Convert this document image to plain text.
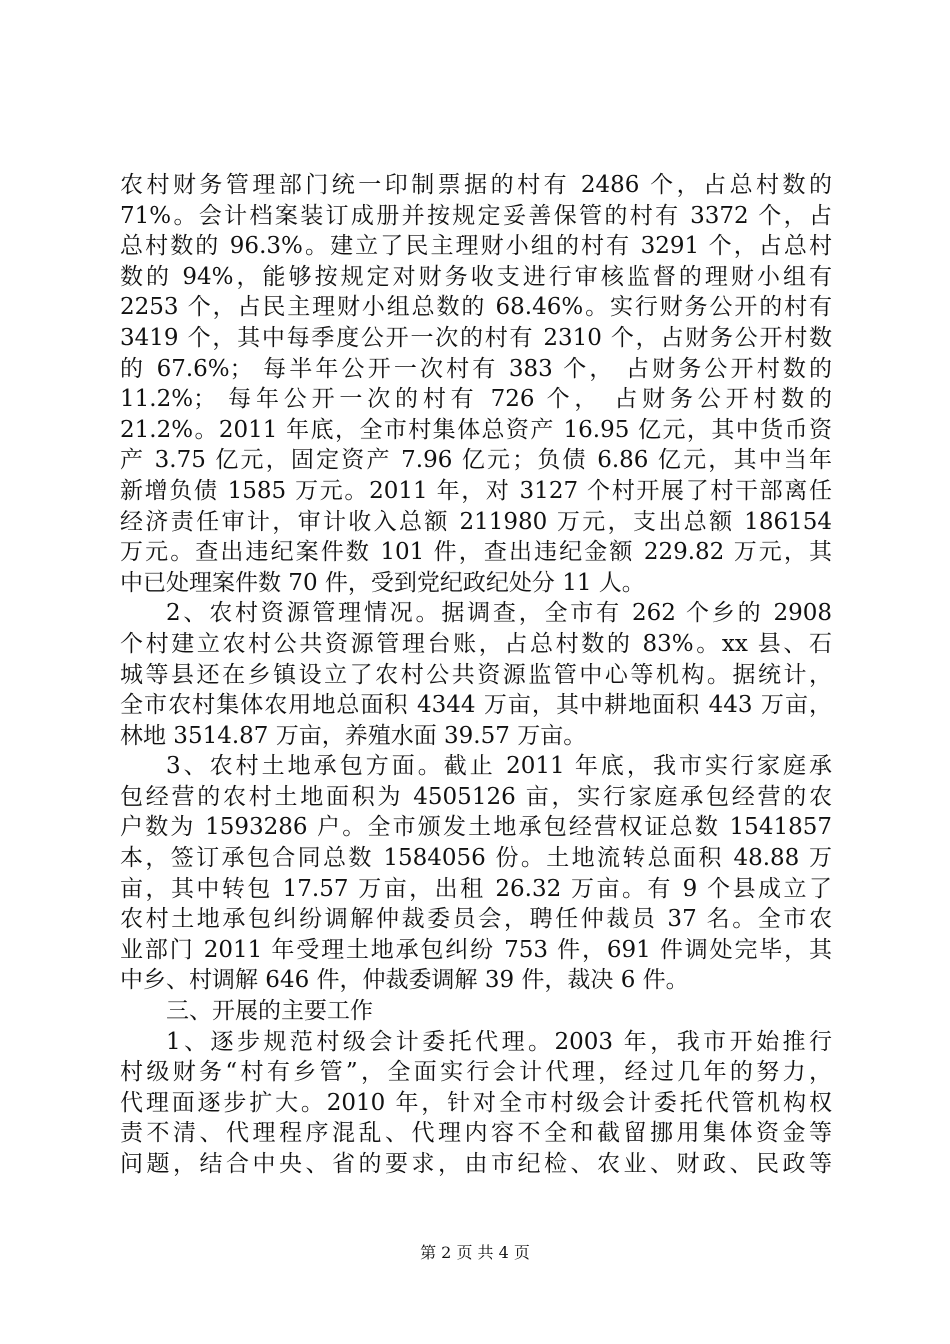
农村财务管理部门统一印制票据的村有 2486 个，占总村数的
71%。会计档案装订成册并按规定妥善保管的村有 3372 个，占
总村数的 96.3%。建立了民主理财小组的村有 3291 个，占总村
数的 94%，能够按规定对财务收支进行审核监督的理财小组有
2253 个，占民主理财小组总数的 68.46%。实行财务公开的村有
3419 个，其中每季度公开一次的村有 2310 个，占财务公开村数
的 67.6%； 每半年公开一次村有 383 个， 占财务公开村数的
11.2%； 每年公开一次的村有 726 个， 占财务公开村数的
21.2%。2011 年底，全市村集体总资产 16.95 亿元，其中货币资
产 3.75 亿元，固定资产 7.96 亿元；负债 6.86 亿元，其中当年
新增负债 1585 万元。2011 年，对 3127 个村开展了村干部离任
经济责任审计，审计收入总额 211980 万元，支出总额 186154
万元。查出违纪案件数 101 件，查出违纪金额 229.82 万元，其
中已处理案件数 70 件，受到党纪政纪处分 11 人。
2、农村资源管理情况。据调查，全市有 262 个乡的 2908
个村建立农村公共资源管理台账，占总村数的 83%。xx 县、石
城等县还在乡镇设立了农村公共资源监管中心等机构。据统计，
全市农村集体农用地总面积 4344 万亩，其中耕地面积 443 万亩，
林地 3514.87 万亩，养殖水面 39.57 万亩。
3、农村土地承包方面。截止 2011 年底，我市实行家庭承
包经营的农村土地面积为 4505126 亩，实行家庭承包经营的农
户数为 1593286 户。全市颁发土地承包经营权证总数 1541857
本，签订承包合同总数 1584056 份。土地流转总面积 48.88 万
亩，其中转包 17.57 万亩，出租 26.32 万亩。有 9 个县成立了
农村土地承包纠纷调解仲裁委员会，聘任仲裁员 37 名。全市农
业部门 2011 年受理土地承包纠纷 753 件，691 件调处完毕，其
中乡、村调解 646 件，仲裁委调解 39 件，裁决 6 件。
三、开展的主要工作
1、逐步规范村级会计委托代理。2003 年，我市开始推行
村级财务“村有乡管”，全面实行会计代理，经过几年的努力，
代理面逐步扩大。2010 年，针对全市村级会计委托代管机构权
责不清、代理程序混乱、代理内容不全和截留挪用集体资金等
问题，结合中央、省的要求，由市纪检、农业、财政、民政等
第 2 页 共 4 页
